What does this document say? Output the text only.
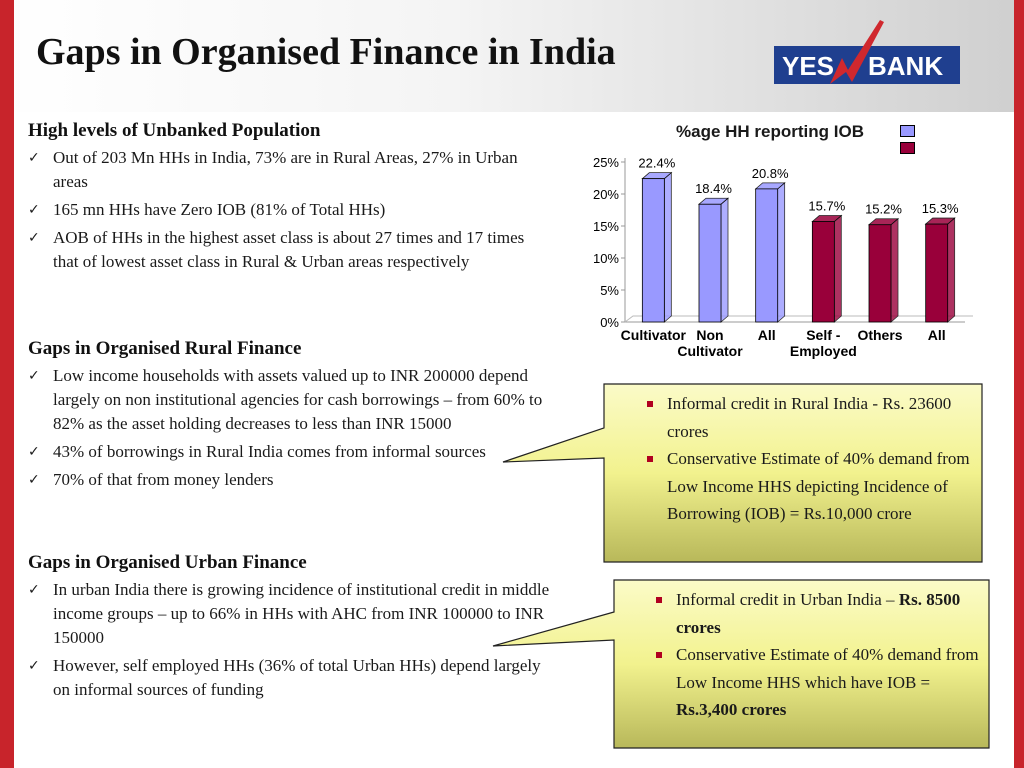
Gaps in Organised Finance in India	YES BANK
High levels of Unbanked Population
✓ Out of 203 Mn HHs in India, 73% are in Rural Areas, 27% in Urban areas
✓ 165 mn HHs have Zero IOB (81% of Total HHs)
✓ AOB of HHs in the highest asset class is about 27 times and 17 times that of lowest asset class in Rural & Urban areas respectively
Gaps in Organised Rural Finance
✓ Low income households with assets valued up to INR 200000 depend largely on non institutional agencies for cash borrowings – from 60% to 82% as the asset holding decreases to less than INR 15000
✓ 43% of borrowings in Rural India comes from informal sources
✓ 70% of that from money lenders
Gaps in Organised Urban Finance
✓ In urban India there is growing incidence of institutional credit in middle income groups – up to 66% in HHs with AHC from INR 100000 to INR 150000
✓ However, self employed HHs (36% of total Urban HHs) depend largely on informal sources of funding
%age HH reporting IOB
0%
5%
10%
15%
20%
25% 22.4%
Cultivator
18.4%
Non
Cultivator
20.8%
All
15.7%
Self -
Employed
15.2%
Others
15.3%
All
Informal credit in Rural India - Rs. 23600 crores
Conservative Estimate of 40% demand from Low Income HHS depicting Incidence of Borrowing (IOB) = Rs.10,000 crore
Informal credit in Urban India – Rs. 8500 crores
Conservative Estimate of 40% demand from Low Income HHS which have IOB = Rs.3,400 crores
